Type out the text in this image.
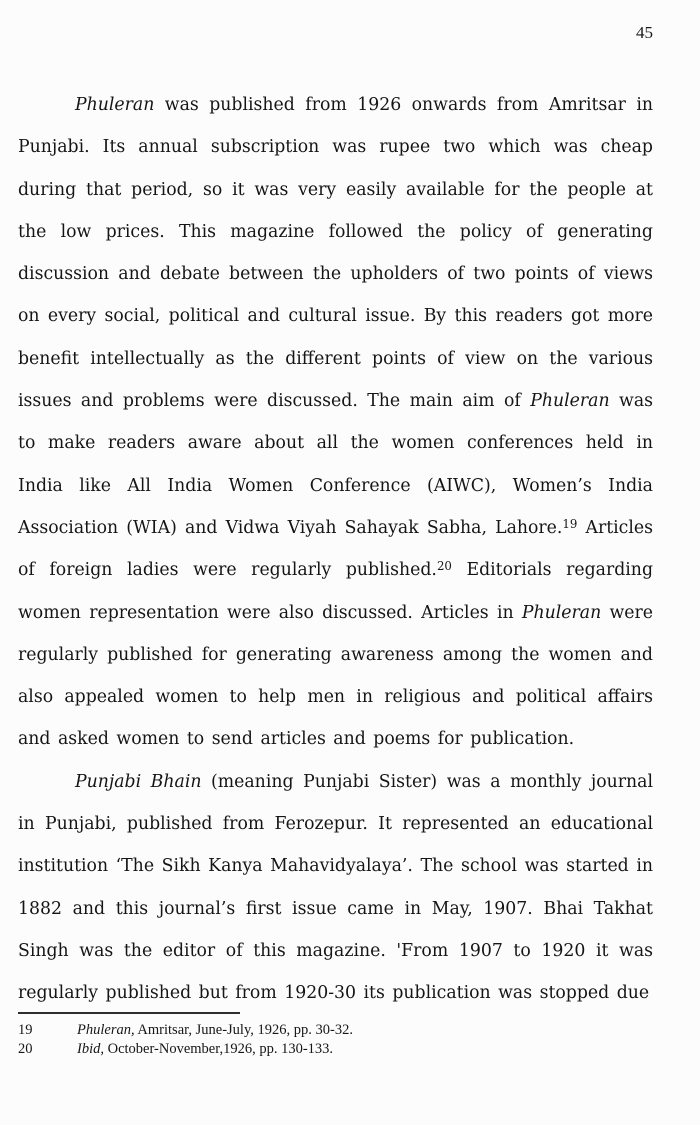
45

Phuleran was published from 1926 onwards from Amritsar in Punjabi. Its annual subscription was rupee two which was cheap during that period, so it was very easily available for the people at the low prices. This magazine followed the policy of generating discussion and debate between the upholders of two points of views on every social, political and cultural issue. By this readers got more benefit intellectually as the different points of view on the various issues and problems were discussed. The main aim of Phuleran was to make readers aware about all the women conferences held in India like All India Women Conference (AIWC), Women’s India Association (WIA) and Vidwa Viyah Sahayak Sabha, Lahore.$^{19}$ Articles of foreign ladies were regularly published.$^{20}$ Editorials regarding women representation were also discussed. Articles in Phuleran were regularly published for generating awareness among the women and also appealed women to help men in religious and political affairs and asked women to send articles and poems for publication.

Punjabi Bhain (meaning Punjabi Sister) was a monthly journal in Punjabi, published from Ferozepur. It represented an educational institution ‘The Sikh Kanya Mahavidyalaya’. The school was started in 1882 and this journal’s first issue came in May, 1907. Bhai Takhat Singh was the editor of this magazine. 'From 1907 to 1920 it was regularly published but from 1920-30 its publication was stopped due

19	Phuleran, Amritsar, June-July, 1926, pp. 30-32.
20	Ibid, October-November,1926, pp. 130-133.
